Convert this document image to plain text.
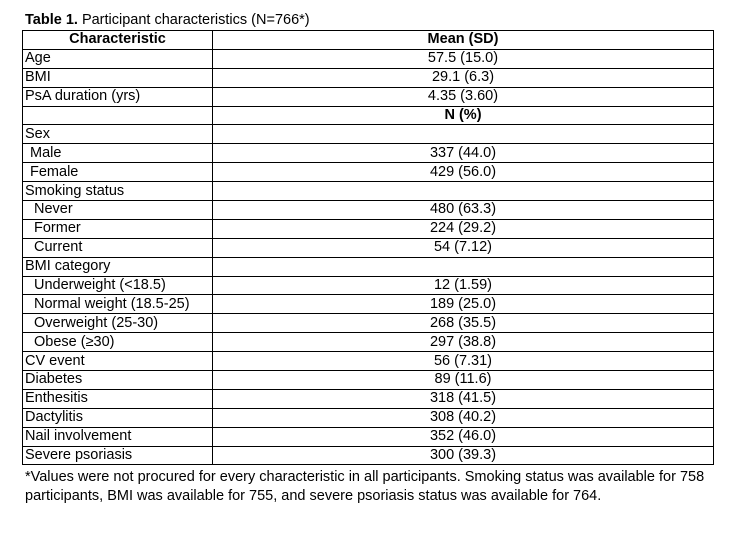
Table 1. Participant characteristics (N=766*)
Characteristic	Mean (SD)
Age	57.5 (15.0)
BMI	29.1 (6.3)
PsA duration (yrs)	4.35 (3.60)
	N (%)
Sex	
Male	337 (44.0)
Female	429 (56.0)
Smoking status	
Never	480 (63.3)
Former	224 (29.2)
Current	54 (7.12)
BMI category	
Underweight (<18.5)	12 (1.59)
Normal weight (18.5-25)	189 (25.0)
Overweight (25-30)	268 (35.5)
Obese (≥30)	297 (38.8)
CV event	56 (7.31)
Diabetes	89 (11.6)
Enthesitis	318 (41.5)
Dactylitis	308 (40.2)
Nail involvement	352 (46.0)
Severe psoriasis	300 (39.3)
*Values were not procured for every characteristic in all participants. Smoking status was available for 758 participants, BMI was available for 755, and severe psoriasis status was available for 764.
